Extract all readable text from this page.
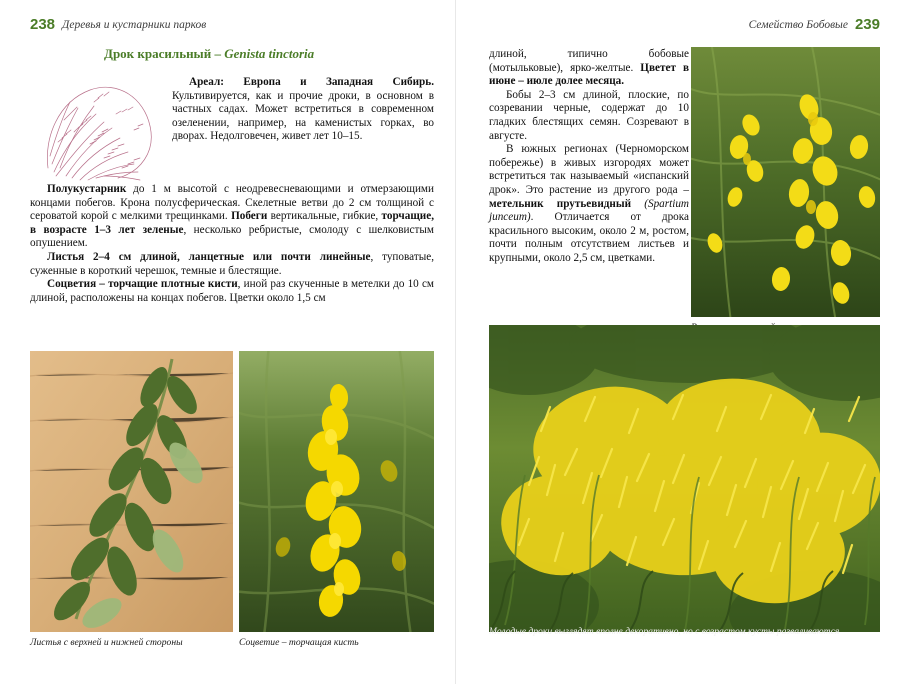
238 Деревья и кустарники парков	Семейство Бобовые 239
Дрок красильный – Genista tinctoria

Ареал: Европа и Западная Сибирь. Культивируется, как и прочие дроки, в основном в частных садах. Может встретиться в современном озеленении, например, на каменистых горках, во дворах. Недолговечен, живет лет 10–15.

Полукустарник до 1 м высотой с неодревесневающими и отмерзающими концами побегов. Крона полусферическая. Скелетные ветви до 2 см толщиной с сероватой корой с мелкими трещинками. Побеги вертикальные, гибкие, торчащие, в возрасте 1–3 лет зеленые, несколько ребристые, смолоду с шелковистым опушением.

Листья 2–4 см длиной, ланцетные или почти линейные, туповатые, суженные в короткий черешок, темные и блестящие.

Соцветия – торчащие плотные кисти, иной раз скученные в метелки до 10 см длиной, расположены на концах побегов. Цветки около 1,5 см

длиной, типично бобовые (мотыльковые), ярко-желтые. Цветет в июне – июле долее месяца.

Бобы 2–3 см длиной, плоские, по созревании черные, содержат до 10 гладких блестящих семян. Созревают в августе.

В южных регионах (Черноморском побережье) в живых изгородях может встретиться так называемый «испанский дрок». Это растение из другого рода – метельник прутьевидный (Spartium junceum). Отличается от дрока красильного высоким, около 2 м, ростом, почти полным отсутствием листьев и крупными, около 2,5 см, цветками.

Листья с верхней и нижней стороны	Соцветие – торчащая кисть
Молодые дроки выглядят вполне декоративно, но с возрастом кусты разваливаются
